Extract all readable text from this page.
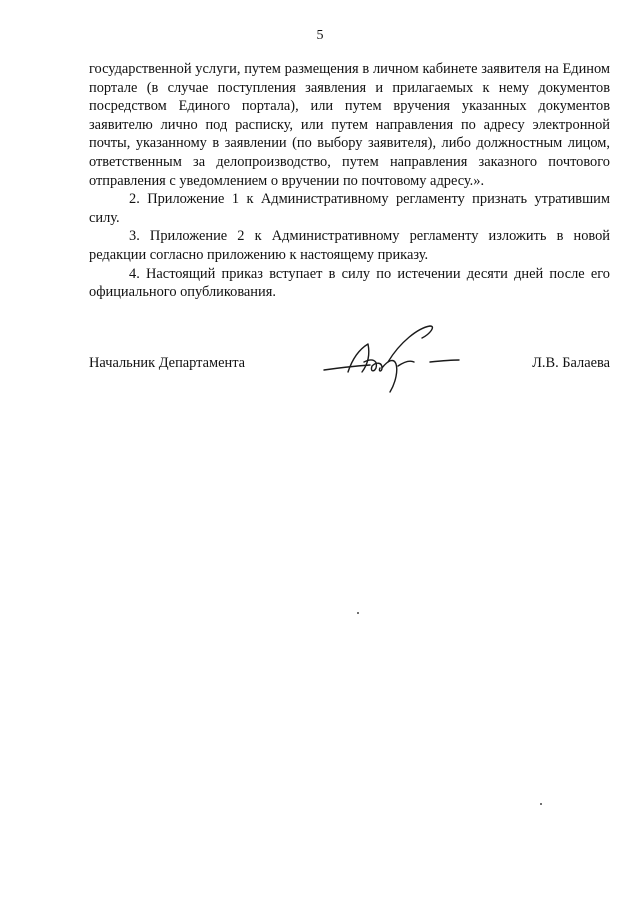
5

государственной услуги, путем размещения в личном кабинете заявителя на Едином портале (в случае поступления заявления и прилагаемых к нему документов посредством Единого портала), или путем вручения указанных документов заявителю лично под расписку, или путем направления по адресу электронной почты, указанному в заявлении (по выбору заявителя), либо должностным лицом, ответственным за делопроизводство, путем направления заказного почтового отправления с уведомлением о вручении по почтовому адресу.».

2. Приложение 1 к Административному регламенту признать утратившим силу.

3. Приложение 2 к Административному регламенту изложить в новой редакции согласно приложению к настоящему приказу.

4. Настоящий приказ вступает в силу по истечении десяти дней после его официального опубликования.

Начальник Департамента	Л.В. Балаева
